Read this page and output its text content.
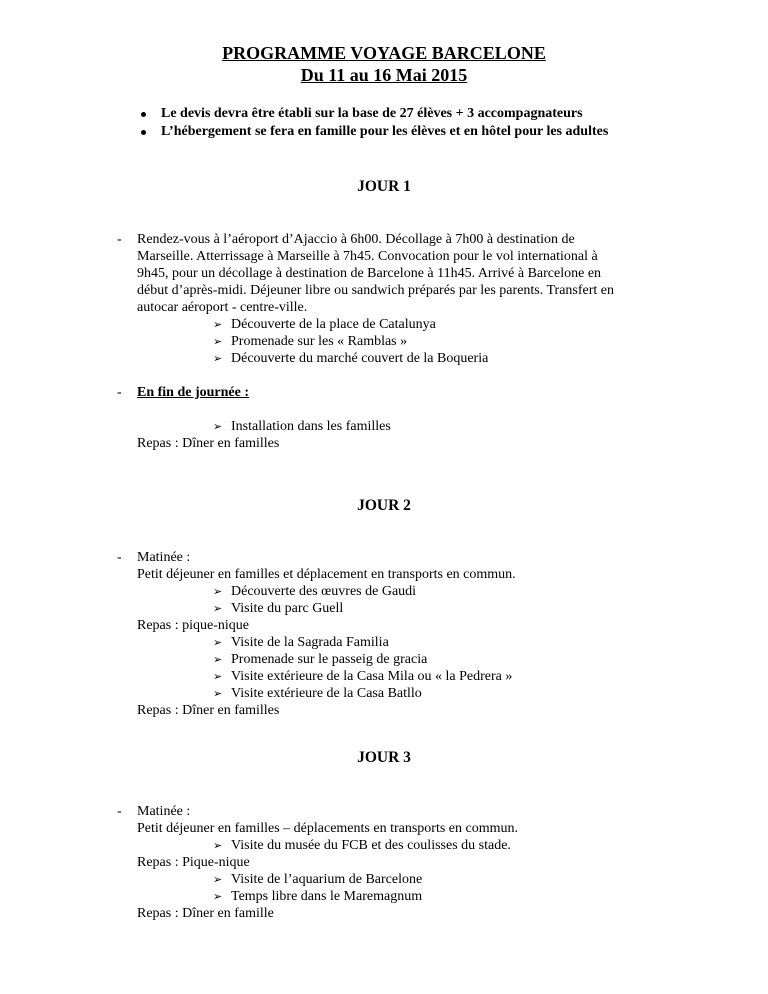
PROGRAMME VOYAGE BARCELONE
Du 11 au 16 Mai 2015
Le devis devra être établi sur la base de 27 élèves + 3 accompagnateurs
L’hébergement se fera en famille pour les élèves et en hôtel pour les adultes
JOUR 1
- Rendez-vous à l’aéroport d’Ajaccio à 6h00. Décollage à 7h00 à destination de
Marseille. Atterrissage à Marseille à 7h45. Convocation pour le vol international à
9h45, pour un décollage à destination de Barcelone à 11h45. Arrivé à Barcelone en
début d’après-midi. Déjeuner libre ou sandwich préparés par les parents. Transfert en
autocar aéroport - centre-ville.
➢ Découverte de la place de Catalunya
➢ Promenade sur les « Ramblas »
➢ Découverte du marché couvert de la Boqueria
- En fin de journée :
➢ Installation dans les familles
Repas : Dîner en familles
JOUR 2
- Matinée :
Petit déjeuner en familles et déplacement en transports en commun.
➢ Découverte des œuvres de Gaudi
➢ Visite du parc Guell
Repas : pique-nique
➢ Visite de la Sagrada Familia
➢ Promenade sur le passeig de gracia
➢ Visite extérieure de la Casa Mila ou « la Pedrera »
➢ Visite extérieure de la Casa Batllo
Repas : Dîner en familles
JOUR 3
- Matinée :
Petit déjeuner en familles – déplacements en transports en commun.
➢ Visite du musée du FCB et des coulisses du stade.
Repas : Pique-nique
➢ Visite de l’aquarium de Barcelone
➢ Temps libre dans le Maremagnum
Repas : Dîner en famille
